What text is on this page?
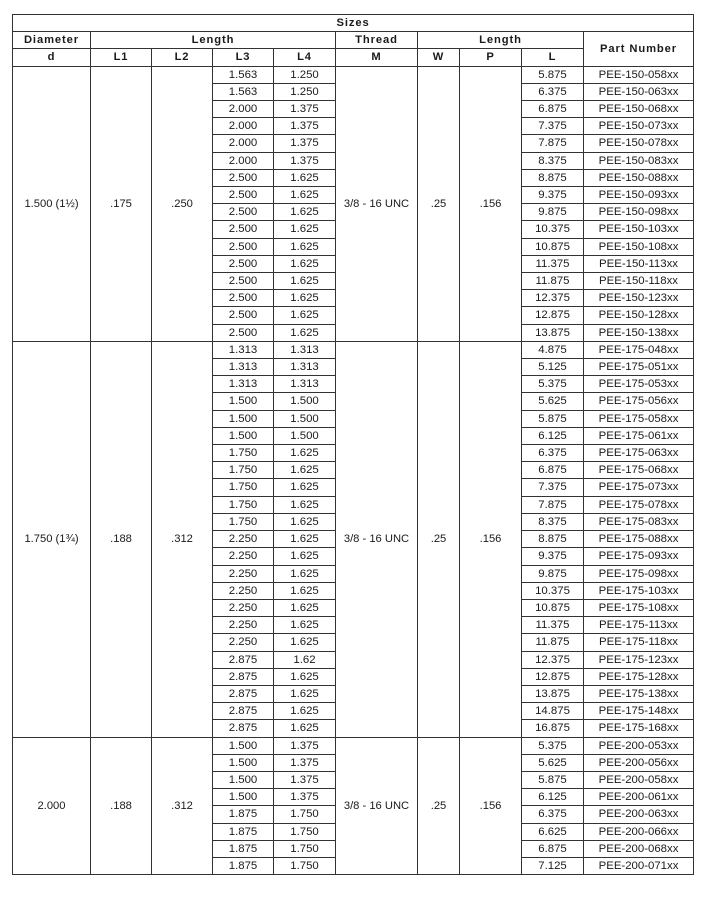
Sizes									
Diameter	Length				Thread	Length			Part Number
d	L1	L2	L3	L4	M	W	P	L	
1.500 (1½)	.175	.250	1.563	1.250	3/8 - 16 UNC	.25	.156	5.875	PEE-150-058xx
			1.563	1.250				6.375	PEE-150-063xx
			2.000	1.375				6.875	PEE-150-068xx
			2.000	1.375				7.375	PEE-150-073xx
			2.000	1.375				7.875	PEE-150-078xx
			2.000	1.375				8.375	PEE-150-083xx
			2.500	1.625				8.875	PEE-150-088xx
			2.500	1.625				9.375	PEE-150-093xx
			2.500	1.625				9.875	PEE-150-098xx
			2.500	1.625				10.375	PEE-150-103xx
			2.500	1.625				10.875	PEE-150-108xx
			2.500	1.625				11.375	PEE-150-113xx
			2.500	1.625				11.875	PEE-150-118xx
			2.500	1.625				12.375	PEE-150-123xx
			2.500	1.625				12.875	PEE-150-128xx
			2.500	1.625				13.875	PEE-150-138xx
1.750 (1¾)	.188	.312	1.313	1.313	3/8 - 16 UNC	.25	.156	4.875	PEE-175-048xx
			1.313	1.313				5.125	PEE-175-051xx
			1.313	1.313				5.375	PEE-175-053xx
			1.500	1.500				5.625	PEE-175-056xx
			1.500	1.500				5.875	PEE-175-058xx
			1.500	1.500				6.125	PEE-175-061xx
			1.750	1.625				6.375	PEE-175-063xx
			1.750	1.625				6.875	PEE-175-068xx
			1.750	1.625				7.375	PEE-175-073xx
			1.750	1.625				7.875	PEE-175-078xx
			1.750	1.625				8.375	PEE-175-083xx
			2.250	1.625				8.875	PEE-175-088xx
			2.250	1.625				9.375	PEE-175-093xx
			2.250	1.625				9.875	PEE-175-098xx
			2.250	1.625				10.375	PEE-175-103xx
			2.250	1.625				10.875	PEE-175-108xx
			2.250	1.625				11.375	PEE-175-113xx
			2.250	1.625				11.875	PEE-175-118xx
			2.875	1.62				12.375	PEE-175-123xx
			2.875	1.625				12.875	PEE-175-128xx
			2.875	1.625				13.875	PEE-175-138xx
			2.875	1.625				14.875	PEE-175-148xx
			2.875	1.625				16.875	PEE-175-168xx
2.000	.188	.312	1.500	1.375	3/8 - 16 UNC	.25	.156	5.375	PEE-200-053xx
			1.500	1.375				5.625	PEE-200-056xx
			1.500	1.375				5.875	PEE-200-058xx
			1.500	1.375				6.125	PEE-200-061xx
			1.875	1.750				6.375	PEE-200-063xx
			1.875	1.750				6.625	PEE-200-066xx
			1.875	1.750				6.875	PEE-200-068xx
			1.875	1.750				7.125	PEE-200-071xx
